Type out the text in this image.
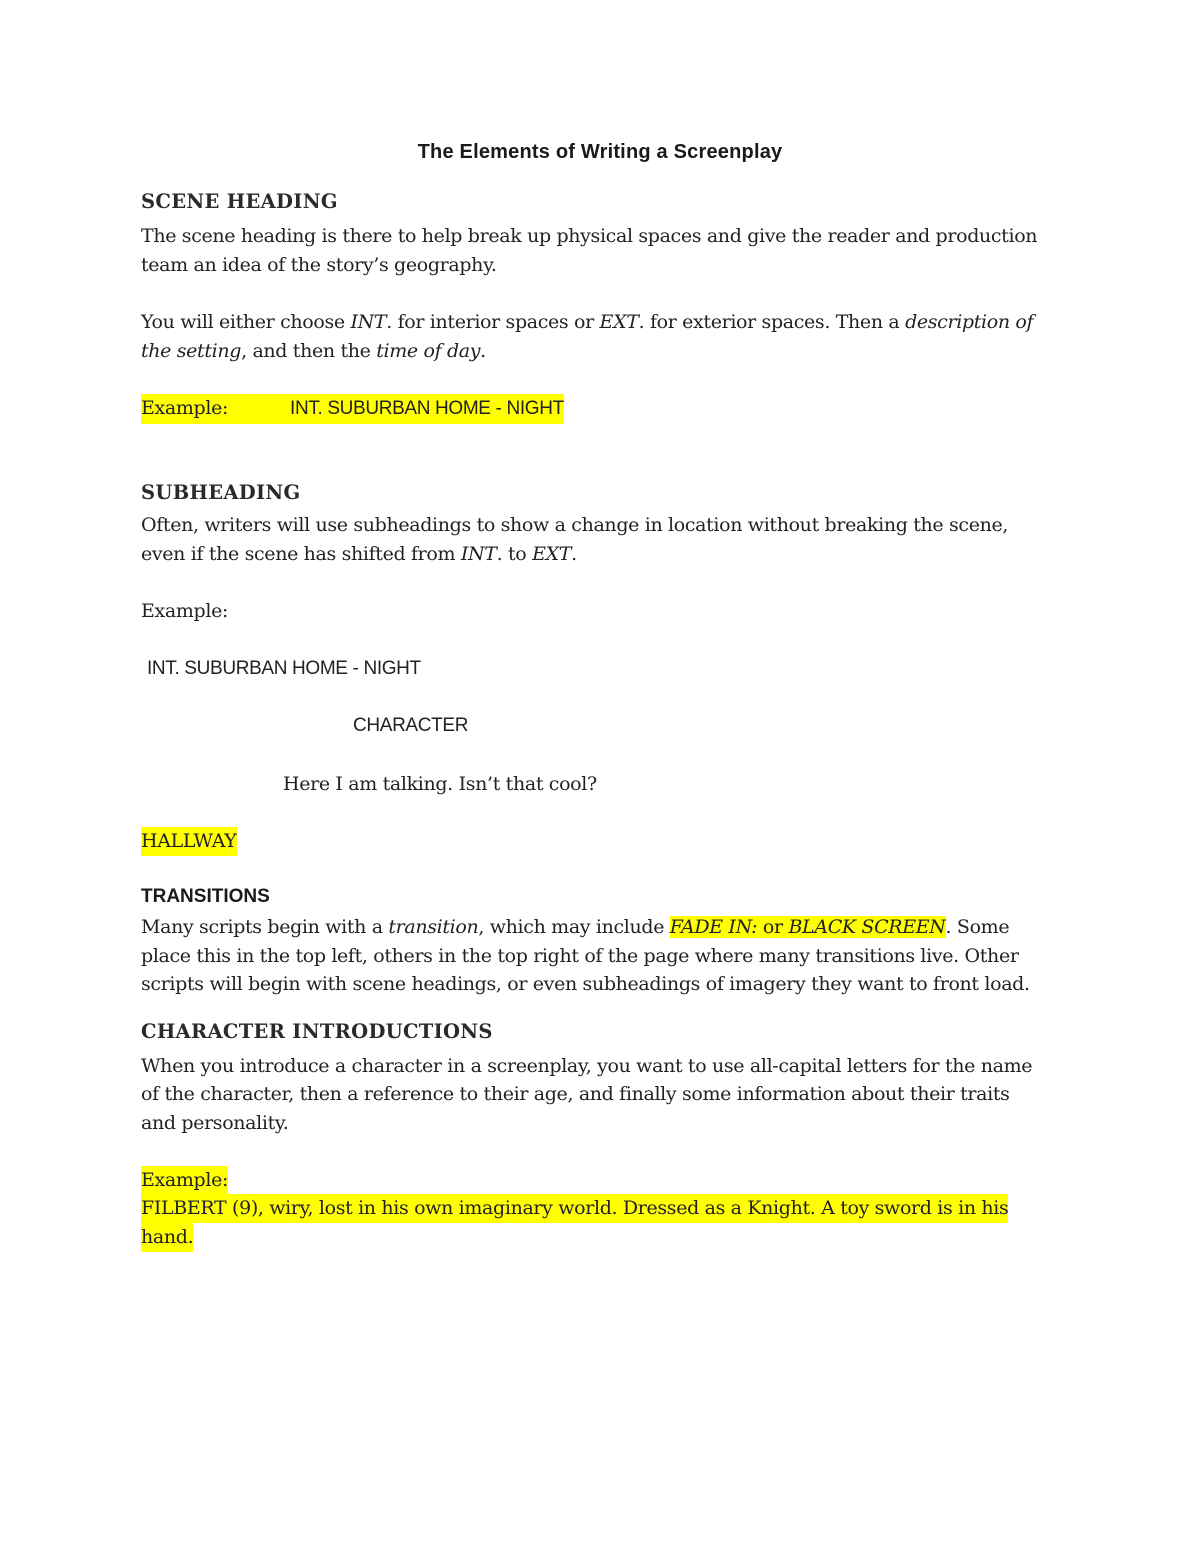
The Elements of Writing a Screenplay
SCENE HEADING
The scene heading is there to help break up physical spaces and give the reader and production
team an idea of the story’s geography.
You will either choose INT. for interior spaces or EXT. for exterior spaces. Then a description of
the setting, and then the time of day.
Example:	INT. SUBURBAN HOME - NIGHT
SUBHEADING
Often, writers will use subheadings to show a change in location without breaking the scene,
even if the scene has shifted from INT. to EXT.
Example:
INT. SUBURBAN HOME - NIGHT
CHARACTER
Here I am talking. Isn’t that cool?
HALLWAY
TRANSITIONS
Many scripts begin with a transition, which may include FADE IN: or BLACK SCREEN. Some
place this in the top left, others in the top right of the page where many transitions live. Other
scripts will begin with scene headings, or even subheadings of imagery they want to front load.
CHARACTER INTRODUCTIONS
When you introduce a character in a screenplay, you want to use all-capital letters for the name
of the character, then a reference to their age, and finally some information about their traits
and personality.
Example:
FILBERT (9), wiry, lost in his own imaginary world. Dressed as a Knight. A toy sword is in his
hand.
